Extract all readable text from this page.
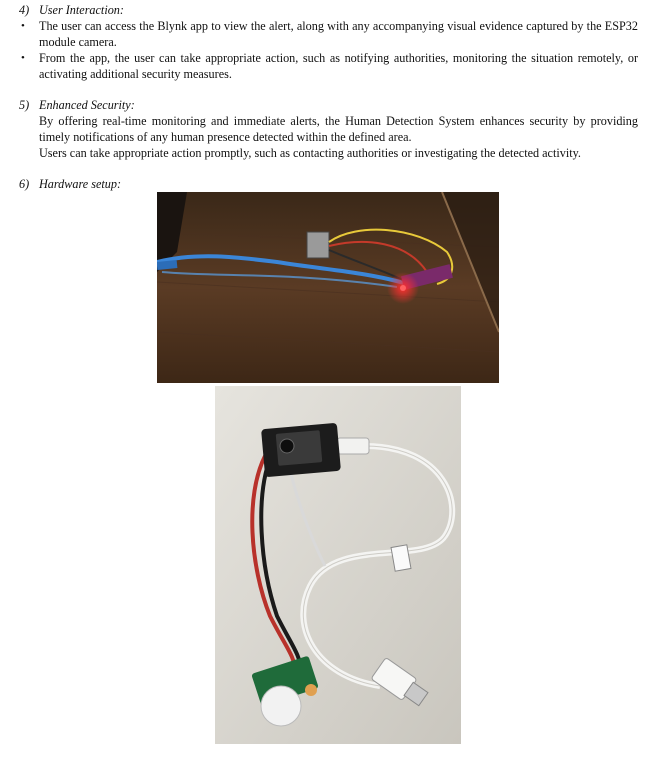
4) User Interaction:
• The user can access the Blynk app to view the alert, along with any accompanying visual evidence captured by the ESP32 module camera.
• From the app, the user can take appropriate action, such as notifying authorities, monitoring the situation remotely, or activating additional security measures.
5) Enhanced Security:
By offering real-time monitoring and immediate alerts, the Human Detection System enhances security by providing timely notifications of any human presence detected within the defined area.
Users can take appropriate action promptly, such as contacting authorities or investigating the detected activity.
6) Hardware setup:
